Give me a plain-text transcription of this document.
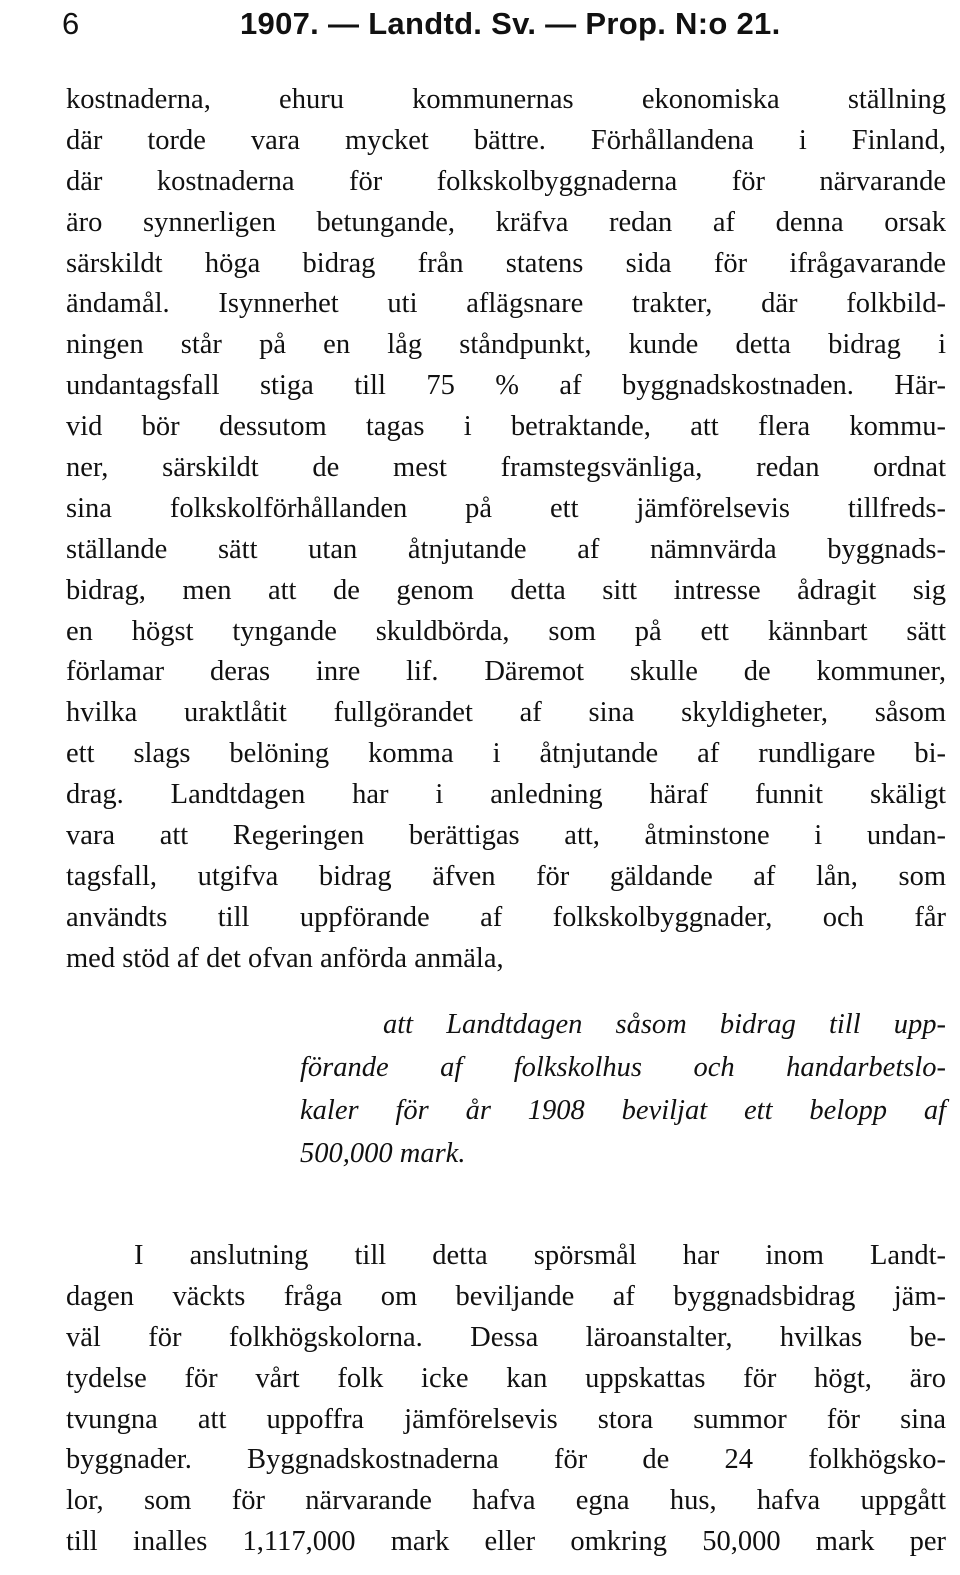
6	1907. — Landtd. Sv. — Prop. N:o 21.
kostnaderna, ehuru kommunernas ekonomiska ställning
där torde vara mycket bättre. Förhållandena i Finland,
där kostnaderna för folkskolbyggnaderna för närvarande
äro synnerligen betungande, kräfva redan af denna orsak
särskildt höga bidrag från statens sida för ifrågavarande
ändamål. Isynnerhet uti aflägsnare trakter, där folkbild-
ningen står på en låg ståndpunkt, kunde detta bidrag i
undantagsfall stiga till 75 % af byggnadskostnaden. Här-
vid bör dessutom tagas i betraktande, att flera kommu-
ner, särskildt de mest framstegsvänliga, redan ordnat
sina folkskolförhållanden på ett jämförelsevis tillfreds-
ställande sätt utan åtnjutande af nämnvärda byggnads-
bidrag, men att de genom detta sitt intresse ådragit sig
en högst tyngande skuldbörda, som på ett kännbart sätt
förlamar deras inre lif. Däremot skulle de kommuner,
hvilka uraktlåtit fullgörandet af sina skyldigheter, såsom
ett slags belöning komma i åtnjutande af rundligare bi-
drag. Landtdagen har i anledning häraf funnit skäligt
vara att Regeringen berättigas att, åtminstone i undan-
tagsfall, utgifva bidrag äfven för gäldande af lån, som
användts till uppförande af folkskolbyggnader, och får
med stöd af det ofvan anförda anmäla,
att Landtdagen såsom bidrag till upp-
förande af folkskolhus och handarbetslo-
kaler för år 1908 beviljat ett belopp af
500,000 mark.
I anslutning till detta spörsmål har inom Landt-
dagen väckts fråga om beviljande af byggnadsbidrag jäm-
väl för folkhögskolorna. Dessa läroanstalter, hvilkas be-
tydelse för vårt folk icke kan uppskattas för högt, äro
tvungna att uppoffra jämförelsevis stora summor för sina
byggnader. Byggnadskostnaderna för de 24 folkhögsko-
lor, som för närvarande hafva egna hus, hafva uppgått
till inalles 1,117,000 mark eller omkring 50,000 mark per
